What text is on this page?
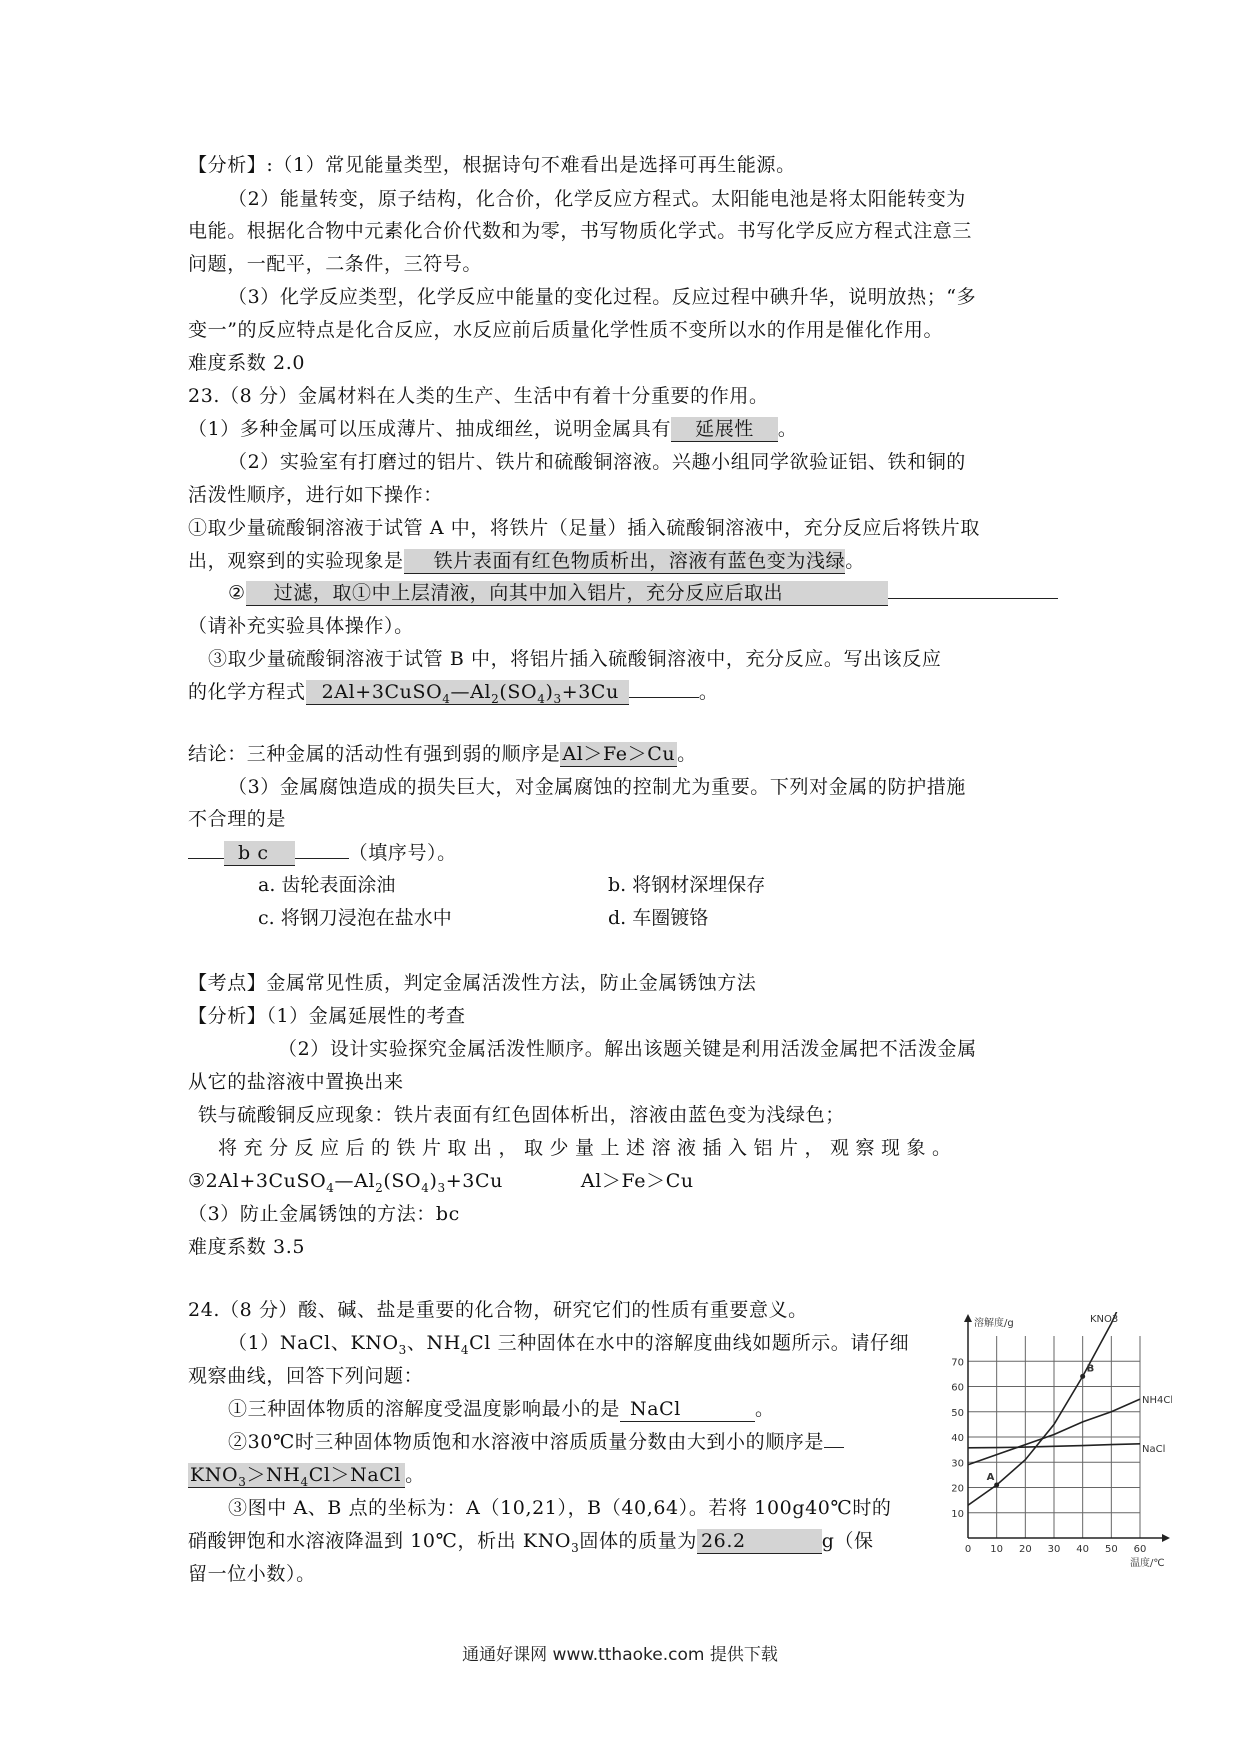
【分析】:（1）常见能量类型，根据诗句不难看出是选择可再生能源。
（2）能量转变，原子结构，化合价，化学反应方程式。太阳能电池是将太阳能转变为
电能。根据化合物中元素化合价代数和为零，书写物质化学式。书写化学反应方程式注意三
问题，一配平，二条件，三符号。
（3）化学反应类型，化学反应中能量的变化过程。反应过程中碘升华，说明放热；“多
变一”的反应特点是化合反应，水反应前后质量化学性质不变所以水的作用是催化作用。
难度系数 2.0
23.（8 分）金属材料在人类的生产、生活中有着十分重要的作用。
（1）多种金属可以压成薄片、抽成细丝，说明金属具有 延展性 。
（2）实验室有打磨过的铝片、铁片和硫酸铜溶液。兴趣小组同学欲验证铝、铁和铜的
活泼性顺序，进行如下操作：
①取少量硫酸铜溶液于试管 A 中，将铁片（足量）插入硫酸铜溶液中，充分反应后将铁片取
出，观察到的实验现象是 铁片表面有红色物质析出，溶液有蓝色变为浅绿。
② 过滤，取①中上层清液，向其中加入铝片，充分反应后取出
（请补充实验具体操作）。
③取少量硫酸铜溶液于试管 B 中，将铝片插入硫酸铜溶液中，充分反应。写出该反应
的化学方程式 $2Al+3CuSO_4—Al_2(SO_4)_3+3Cu$	。
结论：三种金属的活动性有强到弱的顺序是 Al＞Fe＞Cu 。
（3）金属腐蚀造成的损失巨大，对金属腐蚀的控制尤为重要。下列对金属的防护措施
不合理的是
b c	（填序号）。
a. 齿轮表面涂油	b. 将钢材深埋保存
c. 将钢刀浸泡在盐水中	d. 车圈镀铬
【考点】金属常见性质，判定金属活泼性方法，防止金属锈蚀方法
【分析】（1）金属延展性的考查
（2）设计实验探究金属活泼性顺序。解出该题关键是利用活泼金属把不活泼金属
从它的盐溶液中置换出来
铁与硫酸铜反应现象：铁片表面有红色固体析出，溶液由蓝色变为浅绿色；
将充分反应后的铁片取出，取少量上述溶液插入铝片，观察现象。
$③2Al+3CuSO_4—Al_2(SO_4)_3+3Cu$	Al＞Fe＞Cu
（3）防止金属锈蚀的方法：bc
难度系数 3.5
24.（8 分）酸、碱、盐是重要的化合物，研究它们的性质有重要意义。
（1）NaCl、$KNO_3$、$NH_4Cl$ 三种固体在水中的溶解度曲线如题所示。请仔细
观察曲线，回答下列问题：
①三种固体物质的溶解度受温度影响最小的是 NaCl	。
②30℃时三种固体物质饱和水溶液中溶质质量分数由大到小的顺序是
$KNO_3>NH_4Cl>NaCl$ 。
③图中 A、B 点的坐标为：A（10,21），B（40,64）。若将 100g40℃时的
硝酸钾饱和水溶液降温到 10℃，析出 $KNO_3$固体的质量为 26.2	g（保
留一位小数）。
0 10 20 30 40 50 60
10
20
30
40
50
60
70
溶解度/g
温度/℃
KNO3
NH4Cl
NaCl
A
B
通通好课网 www.tthaoke.com 提供下载
